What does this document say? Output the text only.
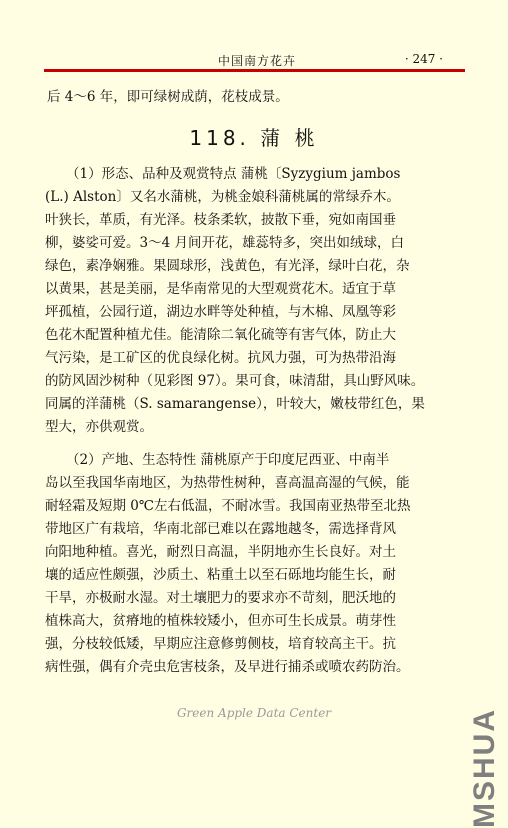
中国南方花卉	· 247 ·
后 4～6 年，即可绿树成荫，花枝成景。
118. 蒲 桃
（1）形态、品种及观赏特点 蒲桃〔Syzygium jambos
(L.) Alston〕又名水蒲桃，为桃金娘科蒲桃属的常绿乔木。
叶狭长，革质，有光泽。枝条柔软，披散下垂，宛如南国垂
柳，婆娑可爱。3～4 月间开花，雄蕊特多，突出如绒球，白
绿色，素净娴雅。果圆球形，浅黄色，有光泽，绿叶白花，杂
以黄果，甚是美丽，是华南常见的大型观赏花木。适宜于草
坪孤植，公园行道，湖边水畔等处种植，与木棉、凤凰等彩
色花木配置种植尤佳。能清除二氧化硫等有害气体，防止大
气污染，是工矿区的优良绿化树。抗风力强，可为热带沿海
的防风固沙树种（见彩图 97）。果可食，味清甜，具山野风味。
同属的洋蒲桃（S. samarangense），叶较大，嫩枝带红色，果
型大，亦供观赏。
（2）产地、生态特性 蒲桃原产于印度尼西亚、中南半
岛以至我国华南地区，为热带性树种，喜高温高湿的气候，能
耐轻霜及短期 0℃左右低温，不耐冰雪。我国南亚热带至北热
带地区广有栽培，华南北部已难以在露地越冬，需选择背风
向阳地种植。喜光，耐烈日高温，半阴地亦生长良好。对土
壤的适应性颇强，沙质土、粘重土以至石砾地均能生长，耐
干旱，亦极耐水湿。对土壤肥力的要求亦不苛刻，肥沃地的
植株高大，贫瘠地的植株较矮小，但亦可生长成景。萌芽性
强，分枝较低矮，早期应注意修剪侧枝，培育较高主干。抗
病性强，偶有介壳虫危害枝条，及早进行捕杀或喷农药防治。
MSHUA
Green Apple Data Center
